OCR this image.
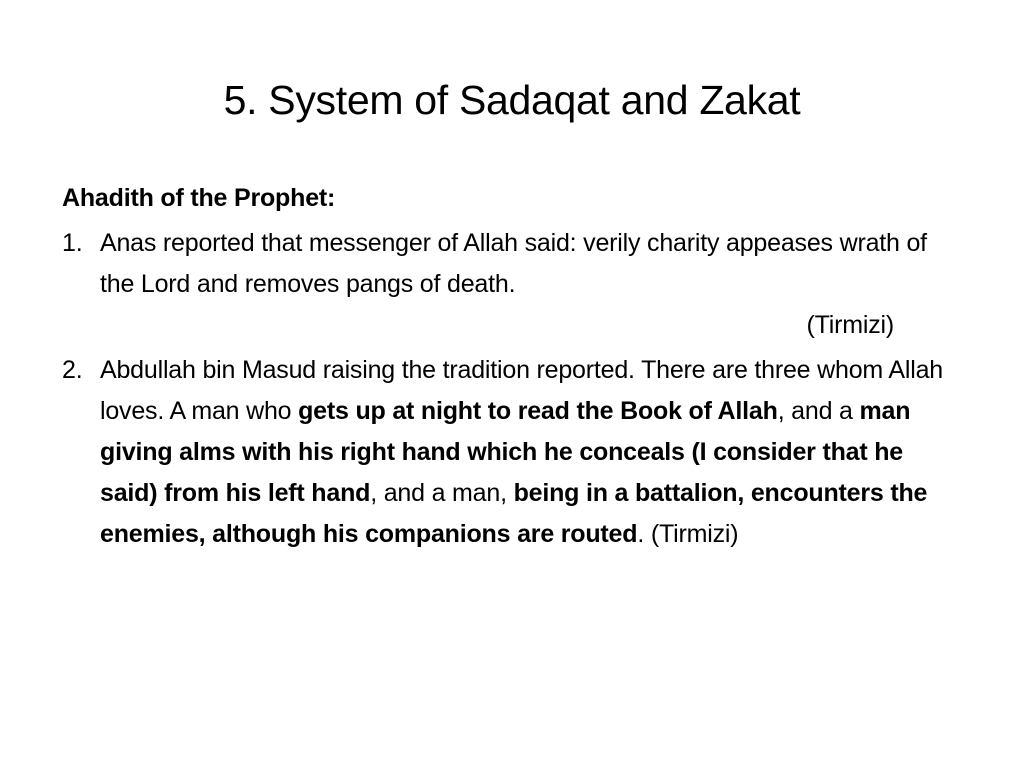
5. System of Sadaqat and Zakat
Ahadith of the Prophet:
1. Anas reported that messenger of Allah said: verily charity appeases wrath of the Lord and removes pangs of death.
(Tirmizi)
2. Abdullah bin Masud raising the tradition reported. There are three whom Allah loves. A man who gets up at night to read the Book of Allah, and a man giving alms with his right hand which he conceals (I consider that he said) from his left hand, and a man, being in a battalion, encounters the enemies, although his companions are routed. (Tirmizi)
